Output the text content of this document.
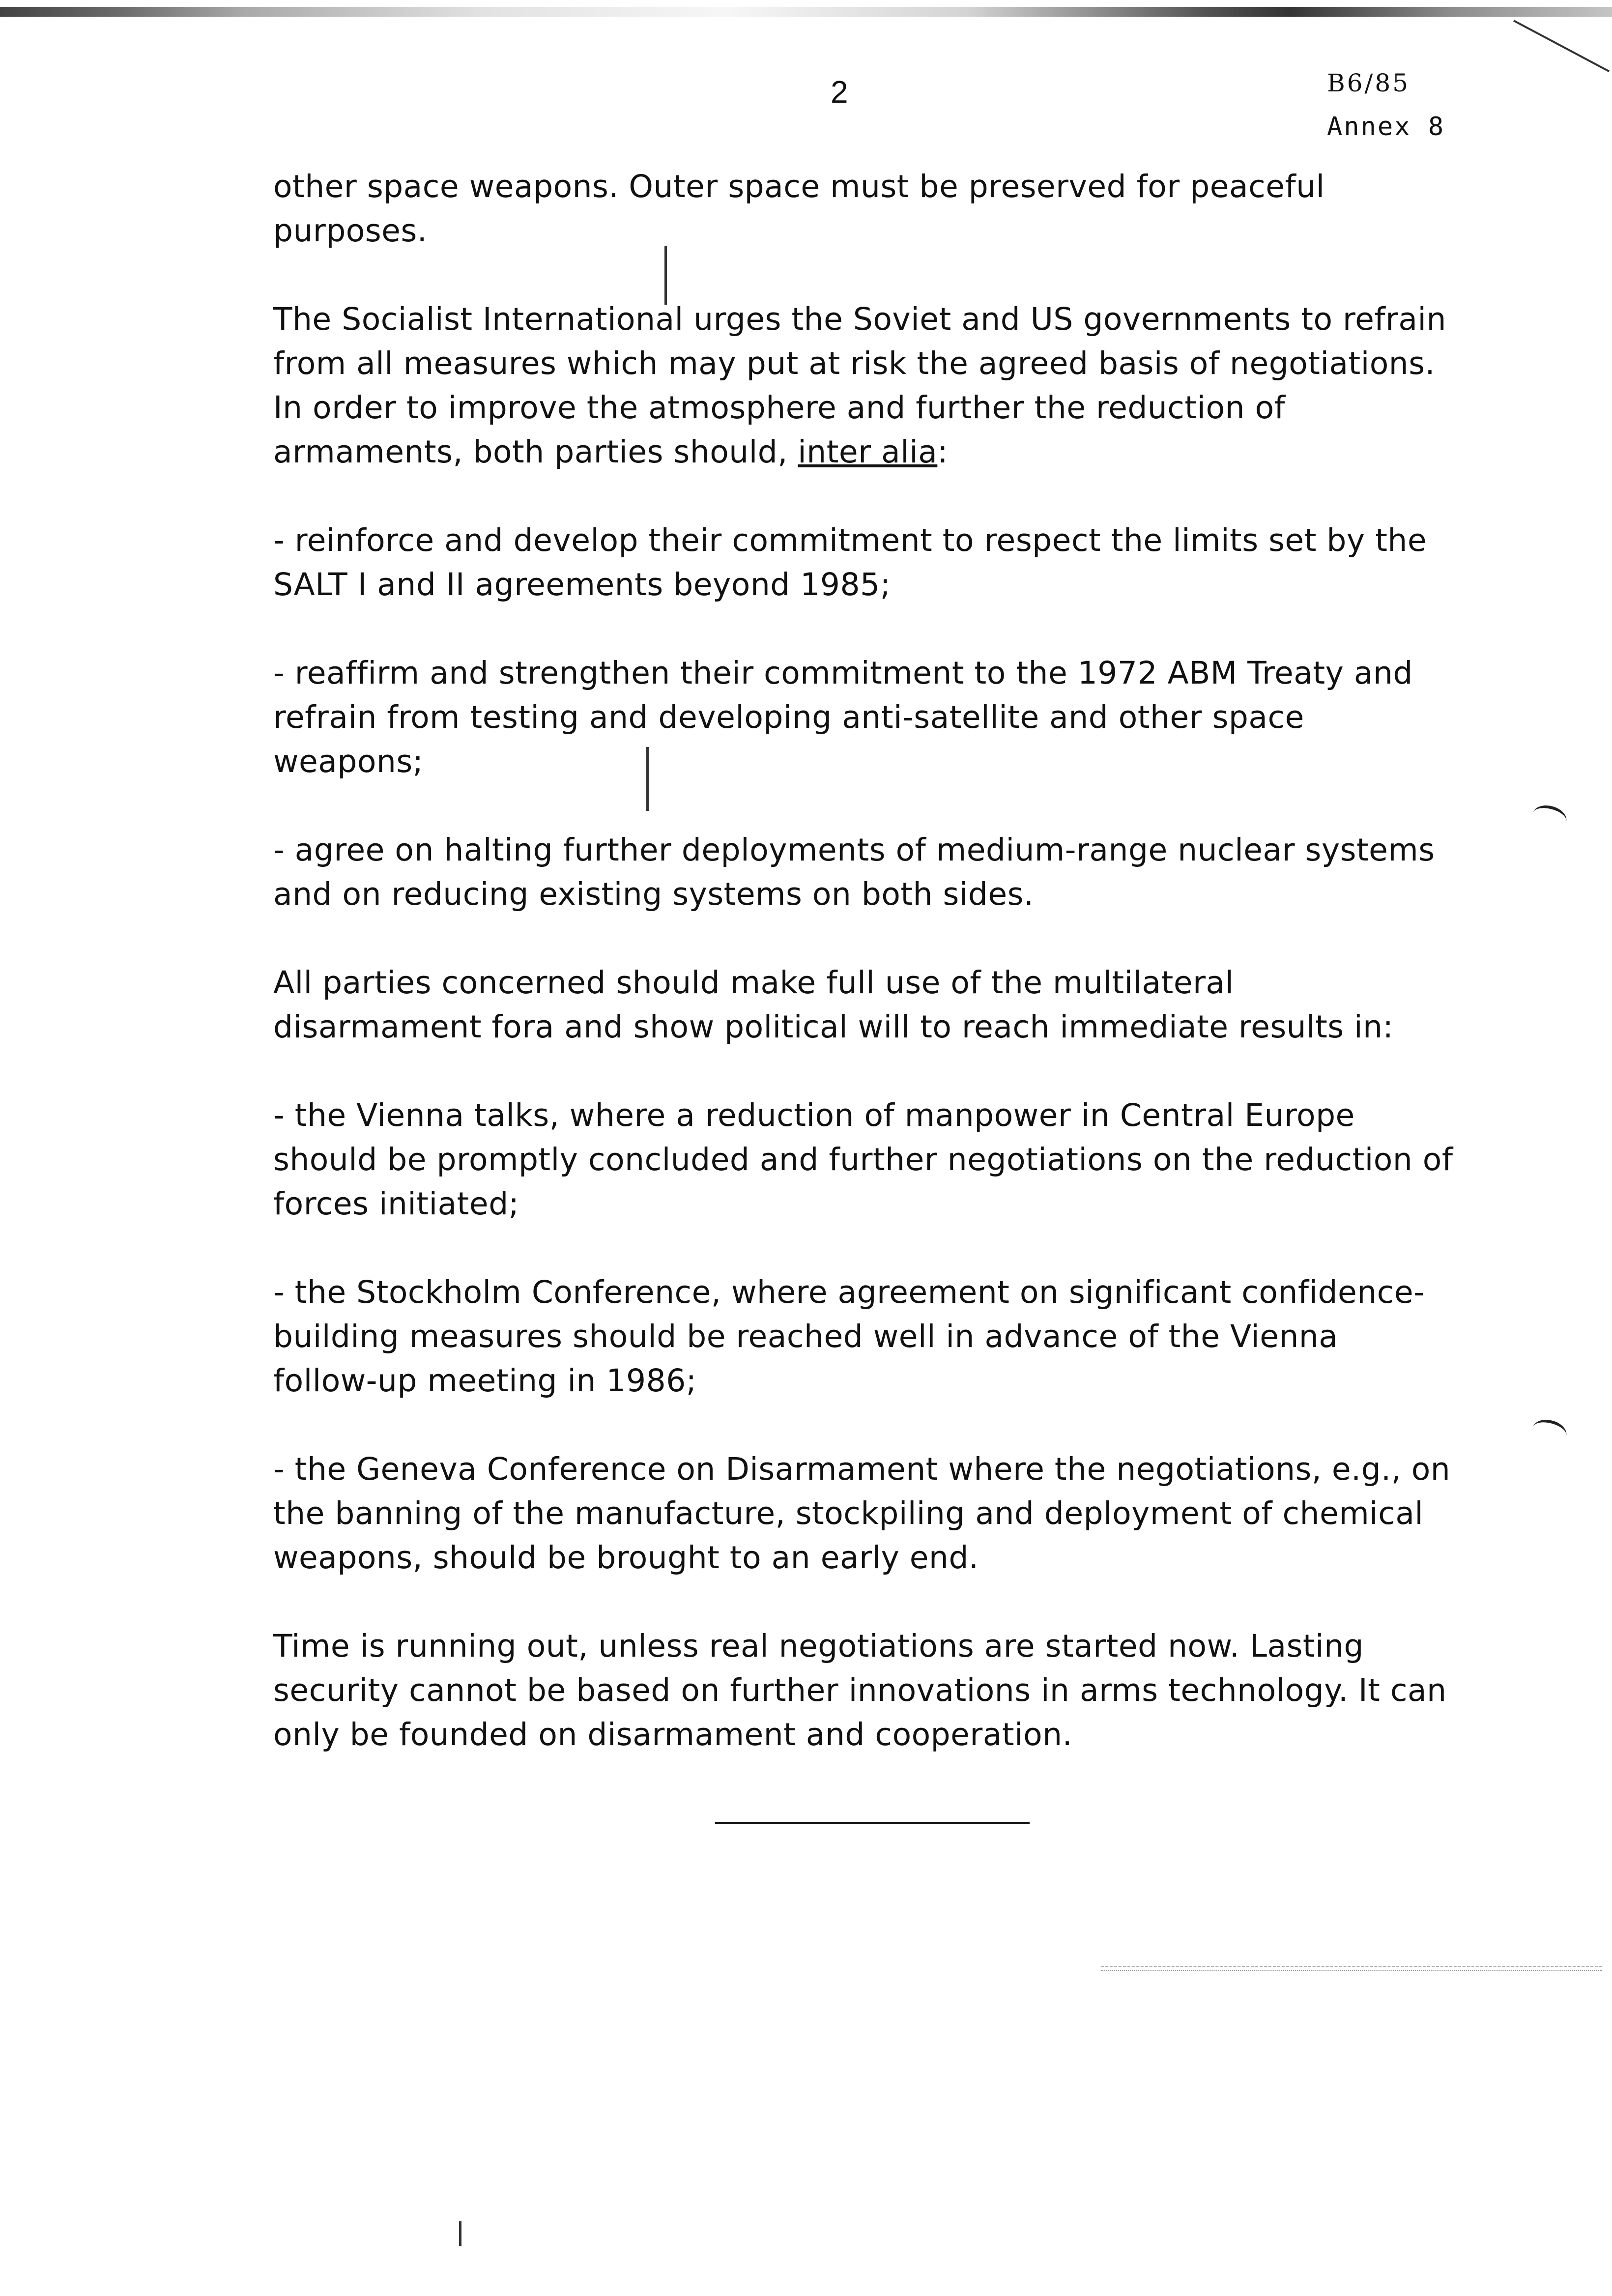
2	B6/85
Annex 8

other space weapons. Outer space must be preserved for peaceful
purposes.

The Socialist International urges the Soviet and US governments to refrain
from all measures which may put at risk the agreed basis of negotiations.
In order to improve the atmosphere and further the reduction of
armaments, both parties should, inter alia:

- reinforce and develop their commitment to respect the limits set by the
SALT I and II agreements beyond 1985;

- reaffirm and strengthen their commitment to the 1972 ABM Treaty and
refrain from testing and developing anti-satellite and other space
weapons;

- agree on halting further deployments of medium-range nuclear systems
and on reducing existing systems on both sides.

All parties concerned should make full use of the multilateral
disarmament fora and show political will to reach immediate results in:

- the Vienna talks, where a reduction of manpower in Central Europe
should be promptly concluded and further negotiations on the reduction of
forces initiated;

- the Stockholm Conference, where agreement on significant confidence-
building measures should be reached well in advance of the Vienna
follow-up meeting in 1986;

- the Geneva Conference on Disarmament where the negotiations, e.g., on
the banning of the manufacture, stockpiling and deployment of chemical
weapons, should be brought to an early end.

Time is running out, unless real negotiations are started now. Lasting
security cannot be based on further innovations in arms technology. It can
only be founded on disarmament and cooperation.
